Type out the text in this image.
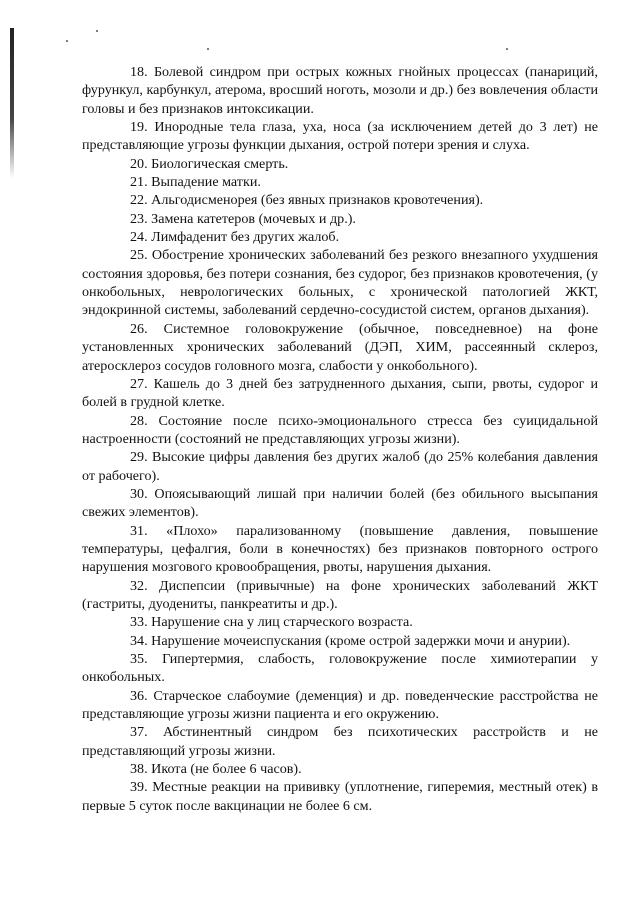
18. Болевой синдром при острых кожных гнойных процессах (панариций, фурункул, карбункул, атерома, вросший ноготь, мозоли и др.) без вовлечения области головы и без признаков интоксикации.

19. Инородные тела глаза, уха, носа (за исключением детей до 3 лет) не представляющие угрозы функции дыхания, острой потери зрения и слуха.

20. Биологическая смерть.

21. Выпадение матки.

22. Альгодисменорея (без явных признаков кровотечения).

23. Замена катетеров (мочевых и др.).

24. Лимфаденит без других жалоб.

25. Обострение хронических заболеваний без резкого внезапного ухудшения состояния здоровья, без потери сознания, без судорог, без признаков кровотечения, (у онкобольных, неврологических больных, с хронической патологией ЖКТ, эндокринной системы, заболеваний сердечно-сосудистой систем, органов дыхания).

26. Системное головокружение (обычное, повседневное) на фоне установленных хронических заболеваний (ДЭП, ХИМ, рассеянный склероз, атеросклероз сосудов головного мозга, слабости у онкобольного).

27. Кашель до 3 дней без затрудненного дыхания, сыпи, рвоты, судорог и болей в грудной клетке.

28. Состояние после психо-эмоционального стресса без суицидальной настроенности (состояний не представляющих угрозы жизни).

29. Высокие цифры давления без других жалоб (до 25% колебания давления от рабочего).

30. Опоясывающий лишай при наличии болей (без обильного высыпания свежих элементов).

31. «Плохо» парализованному (повышение давления, повышение температуры, цефалгия, боли в конечностях) без признаков повторного острого нарушения мозгового кровообращения, рвоты, нарушения дыхания.

32. Диспепсии (привычные) на фоне хронических заболеваний ЖКТ (гастриты, дуодениты, панкреатиты и др.).

33. Нарушение сна у лиц старческого возраста.

34. Нарушение мочеиспускания (кроме острой задержки мочи и анурии).

35. Гипертермия, слабость, головокружение после химиотерапии у онкобольных.

36. Старческое слабоумие (деменция) и др. поведенческие расстройства не представляющие угрозы жизни пациента и его окружению.

37. Абстинентный синдром без психотических расстройств и не представляющий угрозы жизни.

38. Икота (не более 6 часов).

39. Местные реакции на прививку (уплотнение, гиперемия, местный отек) в первые 5 суток после вакцинации не более 6 см.
